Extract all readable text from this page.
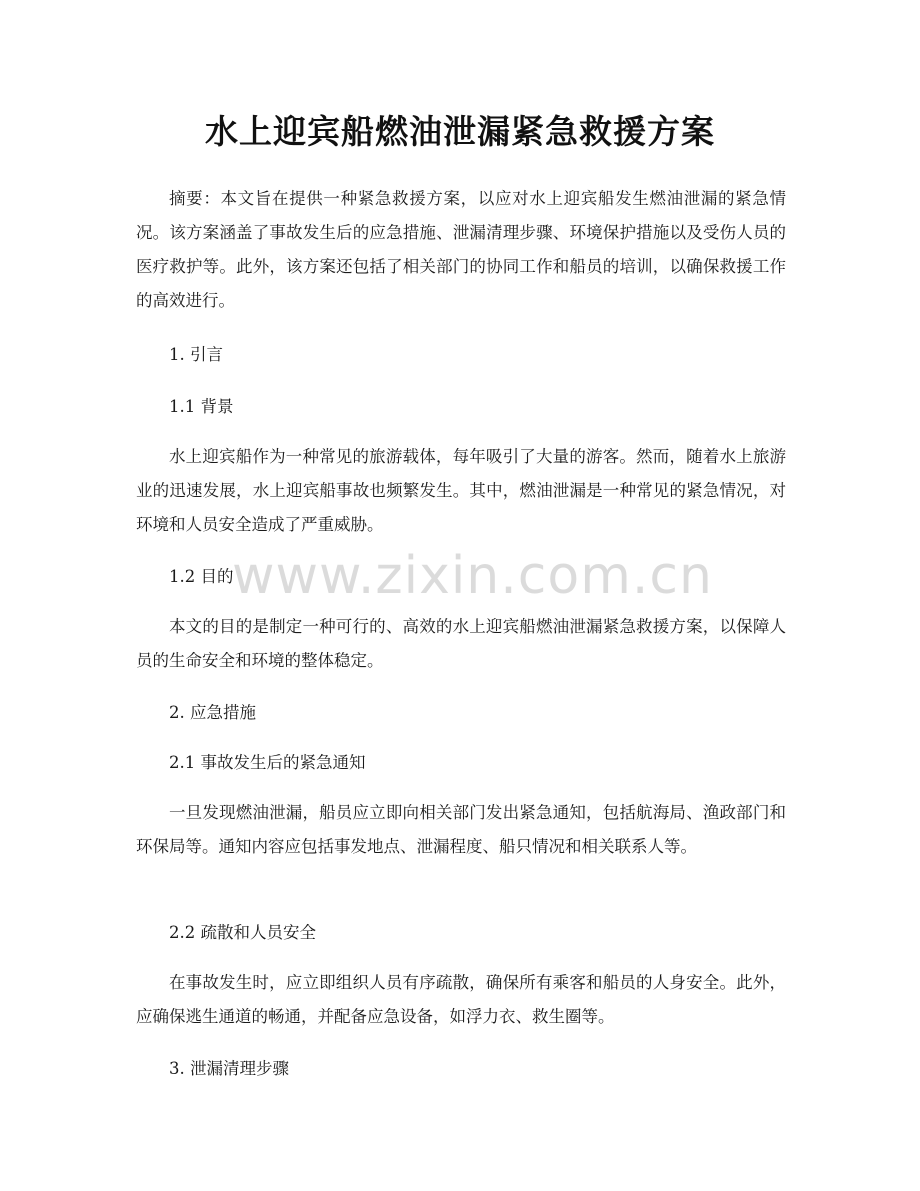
www.zixin.com.cn
水上迎宾船燃油泄漏紧急救援方案

摘要：本文旨在提供一种紧急救援方案，以应对水上迎宾船发生燃油泄漏的紧急情况。该方案涵盖了事故发生后的应急措施、泄漏清理步骤、环境保护措施以及受伤人员的医疗救护等。此外，该方案还包括了相关部门的协同工作和船员的培训，以确保救援工作的高效进行。

1. 引言

1.1 背景

水上迎宾船作为一种常见的旅游载体，每年吸引了大量的游客。然而，随着水上旅游业的迅速发展，水上迎宾船事故也频繁发生。其中，燃油泄漏是一种常见的紧急情况，对环境和人员安全造成了严重威胁。

1.2 目的

本文的目的是制定一种可行的、高效的水上迎宾船燃油泄漏紧急救援方案，以保障人员的生命安全和环境的整体稳定。

2. 应急措施

2.1 事故发生后的紧急通知

一旦发现燃油泄漏，船员应立即向相关部门发出紧急通知，包括航海局、渔政部门和环保局等。通知内容应包括事发地点、泄漏程度、船只情况和相关联系人等。

2.2 疏散和人员安全

在事故发生时，应立即组织人员有序疏散，确保所有乘客和船员的人身安全。此外，应确保逃生通道的畅通，并配备应急设备，如浮力衣、救生圈等。

3. 泄漏清理步骤
